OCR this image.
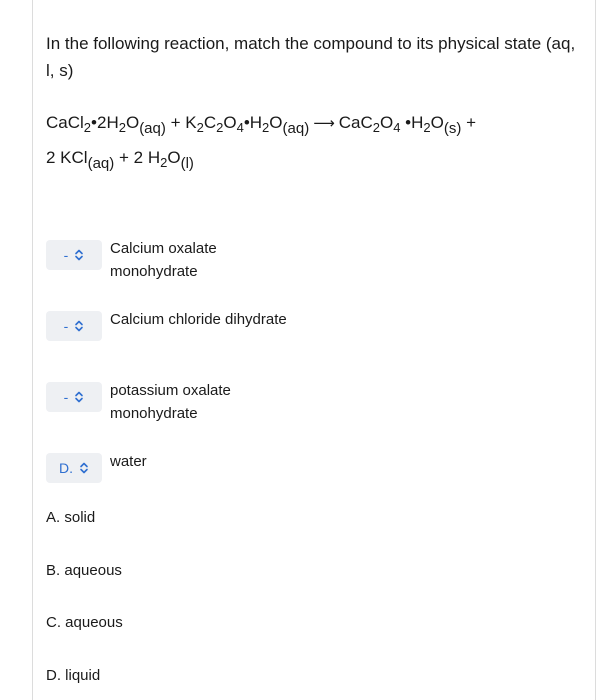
In the following reaction, match the compound to its physical state (aq, l, s)
$CaCl_2•2H_2O(aq)$ + $K_2C_2O_4•H_2O(aq)$ ⟶ $CaC_2O_4$ $•H_2O(s)$ +
2 KCl(aq) + 2 $H_2O(l)$
-	Calcium oxalate monohydrate
-	Calcium chloride dihydrate
-	potassium oxalate monohydrate
D. water
A. solid
B. aqueous
C. aqueous
D. liquid
